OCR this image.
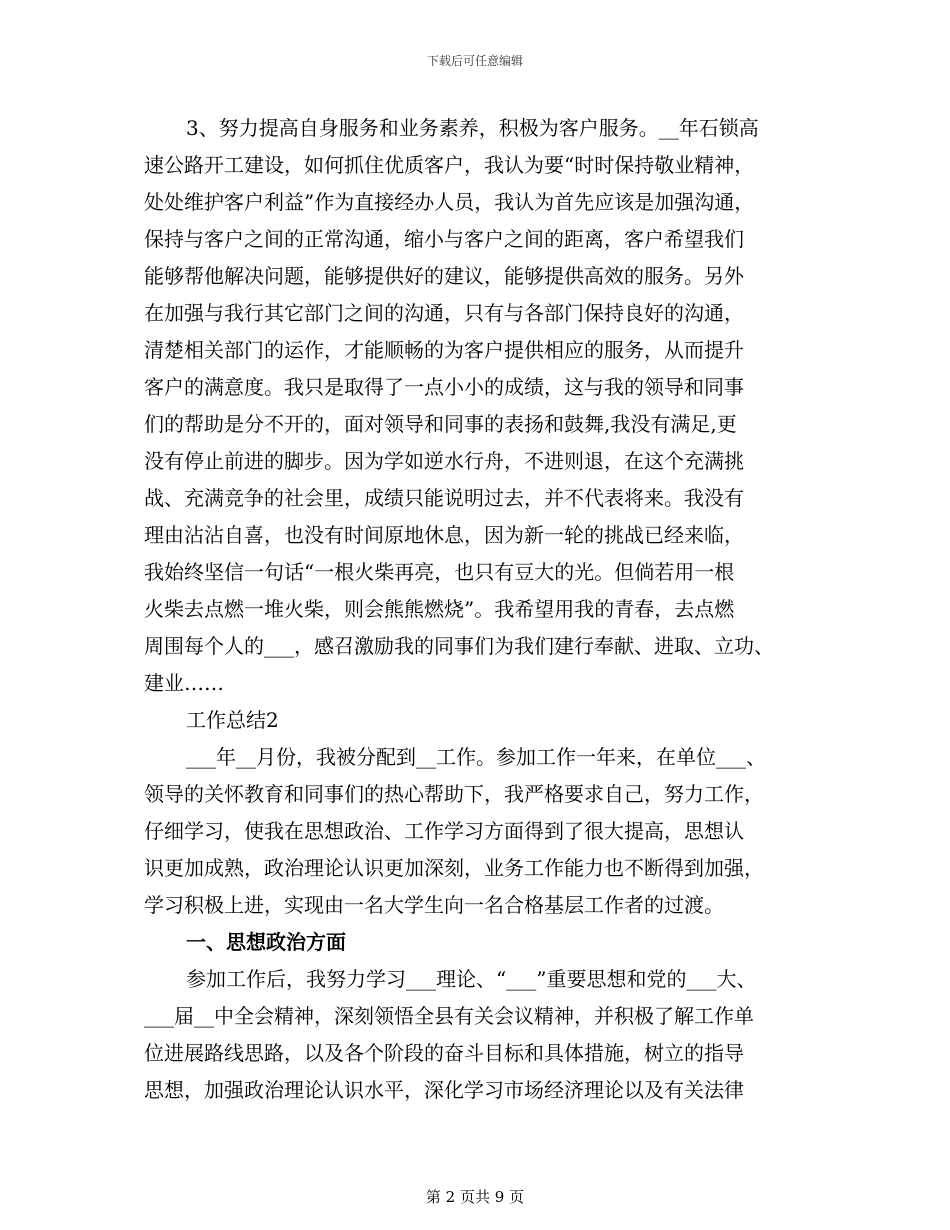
下载后可任意编辑
3、努力提高自身服务和业务素养，积极为客户服务。__年石锁高
速公路开工建设，如何抓住优质客户，我认为要“时时保持敬业精神，
处处维护客户利益”作为直接经办人员，我认为首先应该是加强沟通，
保持与客户之间的正常沟通，缩小与客户之间的距离，客户希望我们
能够帮他解决问题，能够提供好的建议，能够提供高效的服务。另外
在加强与我行其它部门之间的沟通，只有与各部门保持良好的沟通，
清楚相关部门的运作，才能顺畅的为客户提供相应的服务，从而提升
客户的满意度。我只是取得了一点小小的成绩，这与我的领导和同事
们的帮助是分不开的，面对领导和同事的表扬和鼓舞,我没有满足,更
没有停止前进的脚步。因为学如逆水行舟，不进则退，在这个充满挑
战、充满竞争的社会里，成绩只能说明过去，并不代表将来。我没有
理由沾沾自喜，也没有时间原地休息，因为新一轮的挑战已经来临，
我始终坚信一句话“一根火柴再亮，也只有豆大的光。但倘若用一根
火柴去点燃一堆火柴，则会熊熊燃烧”。我希望用我的青春，去点燃
周围每个人的___，感召激励我的同事们为我们建行奉献、进取、立功、
建业……
工作总结2
___年__月份，我被分配到__工作。参加工作一年来，在单位___、
领导的关怀教育和同事们的热心帮助下，我严格要求自己，努力工作，
仔细学习，使我在思想政治、工作学习方面得到了很大提高，思想认
识更加成熟，政治理论认识更加深刻，业务工作能力也不断得到加强，
学习积极上进，实现由一名大学生向一名合格基层工作者的过渡。
一、思想政治方面
参加工作后，我努力学习___理论、“___”重要思想和党的___大、
___届__中全会精神，深刻领悟全县有关会议精神，并积极了解工作单
位进展路线思路，以及各个阶段的奋斗目标和具体措施，树立的指导
思想，加强政治理论认识水平，深化学习市场经济理论以及有关法律
第 2 页共 9 页
